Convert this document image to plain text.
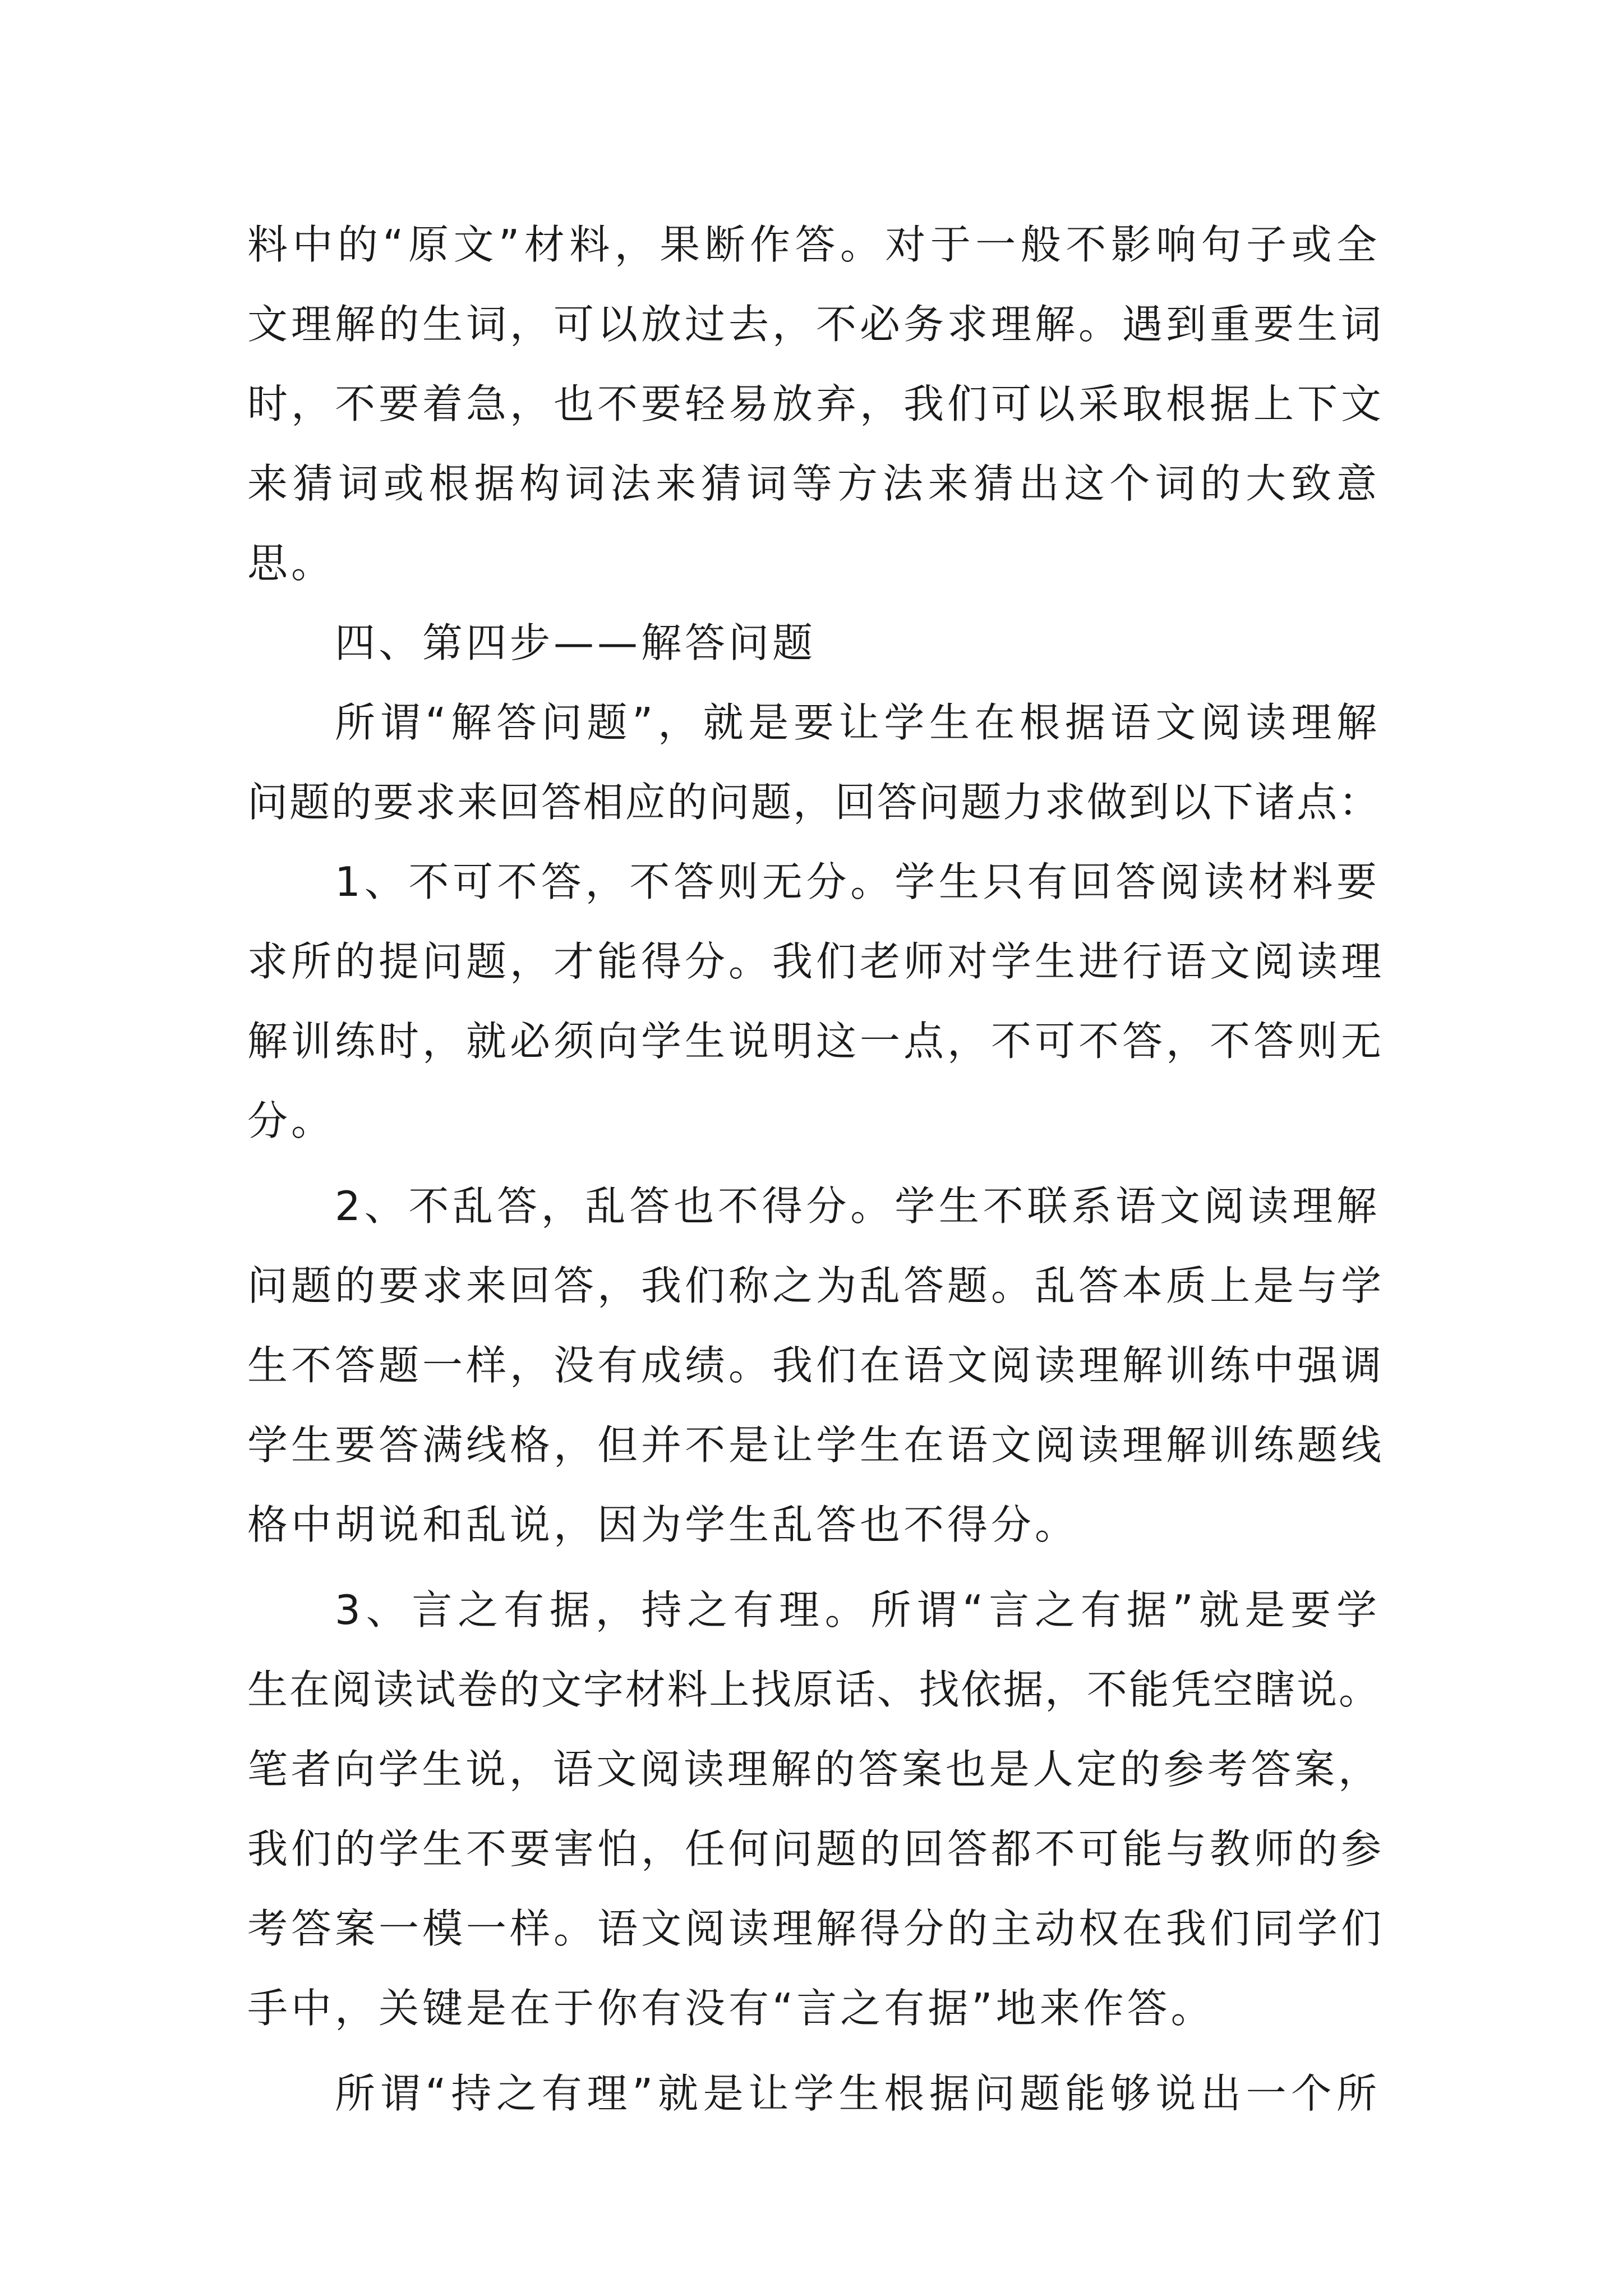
料中的“原文”材料，果断作答。对于一般不影响句子或全
文理解的生词，可以放过去，不必务求理解。遇到重要生词
时，不要着急，也不要轻易放弃，我们可以采取根据上下文
来猜词或根据构词法来猜词等方法来猜出这个词的大致意
思。

四、第四步——解答问题

所谓“解答问题”，就是要让学生在根据语文阅读理解
问题的要求来回答相应的问题，回答问题力求做到以下诸点：

1、不可不答，不答则无分。学生只有回答阅读材料要
求所的提问题，才能得分。我们老师对学生进行语文阅读理
解训练时，就必须向学生说明这一点，不可不答，不答则无
分。

2、不乱答，乱答也不得分。学生不联系语文阅读理解
问题的要求来回答，我们称之为乱答题。乱答本质上是与学
生不答题一样，没有成绩。我们在语文阅读理解训练中强调
学生要答满线格，但并不是让学生在语文阅读理解训练题线
格中胡说和乱说，因为学生乱答也不得分。

3、言之有据，持之有理。所谓“言之有据”就是要学
生在阅读试卷的文字材料上找原话、找依据，不能凭空瞎说。
笔者向学生说，语文阅读理解的答案也是人定的参考答案，
我们的学生不要害怕，任何问题的回答都不可能与教师的参
考答案一模一样。语文阅读理解得分的主动权在我们同学们
手中，关键是在于你有没有“言之有据”地来作答。

所谓“持之有理”就是让学生根据问题能够说出一个所
